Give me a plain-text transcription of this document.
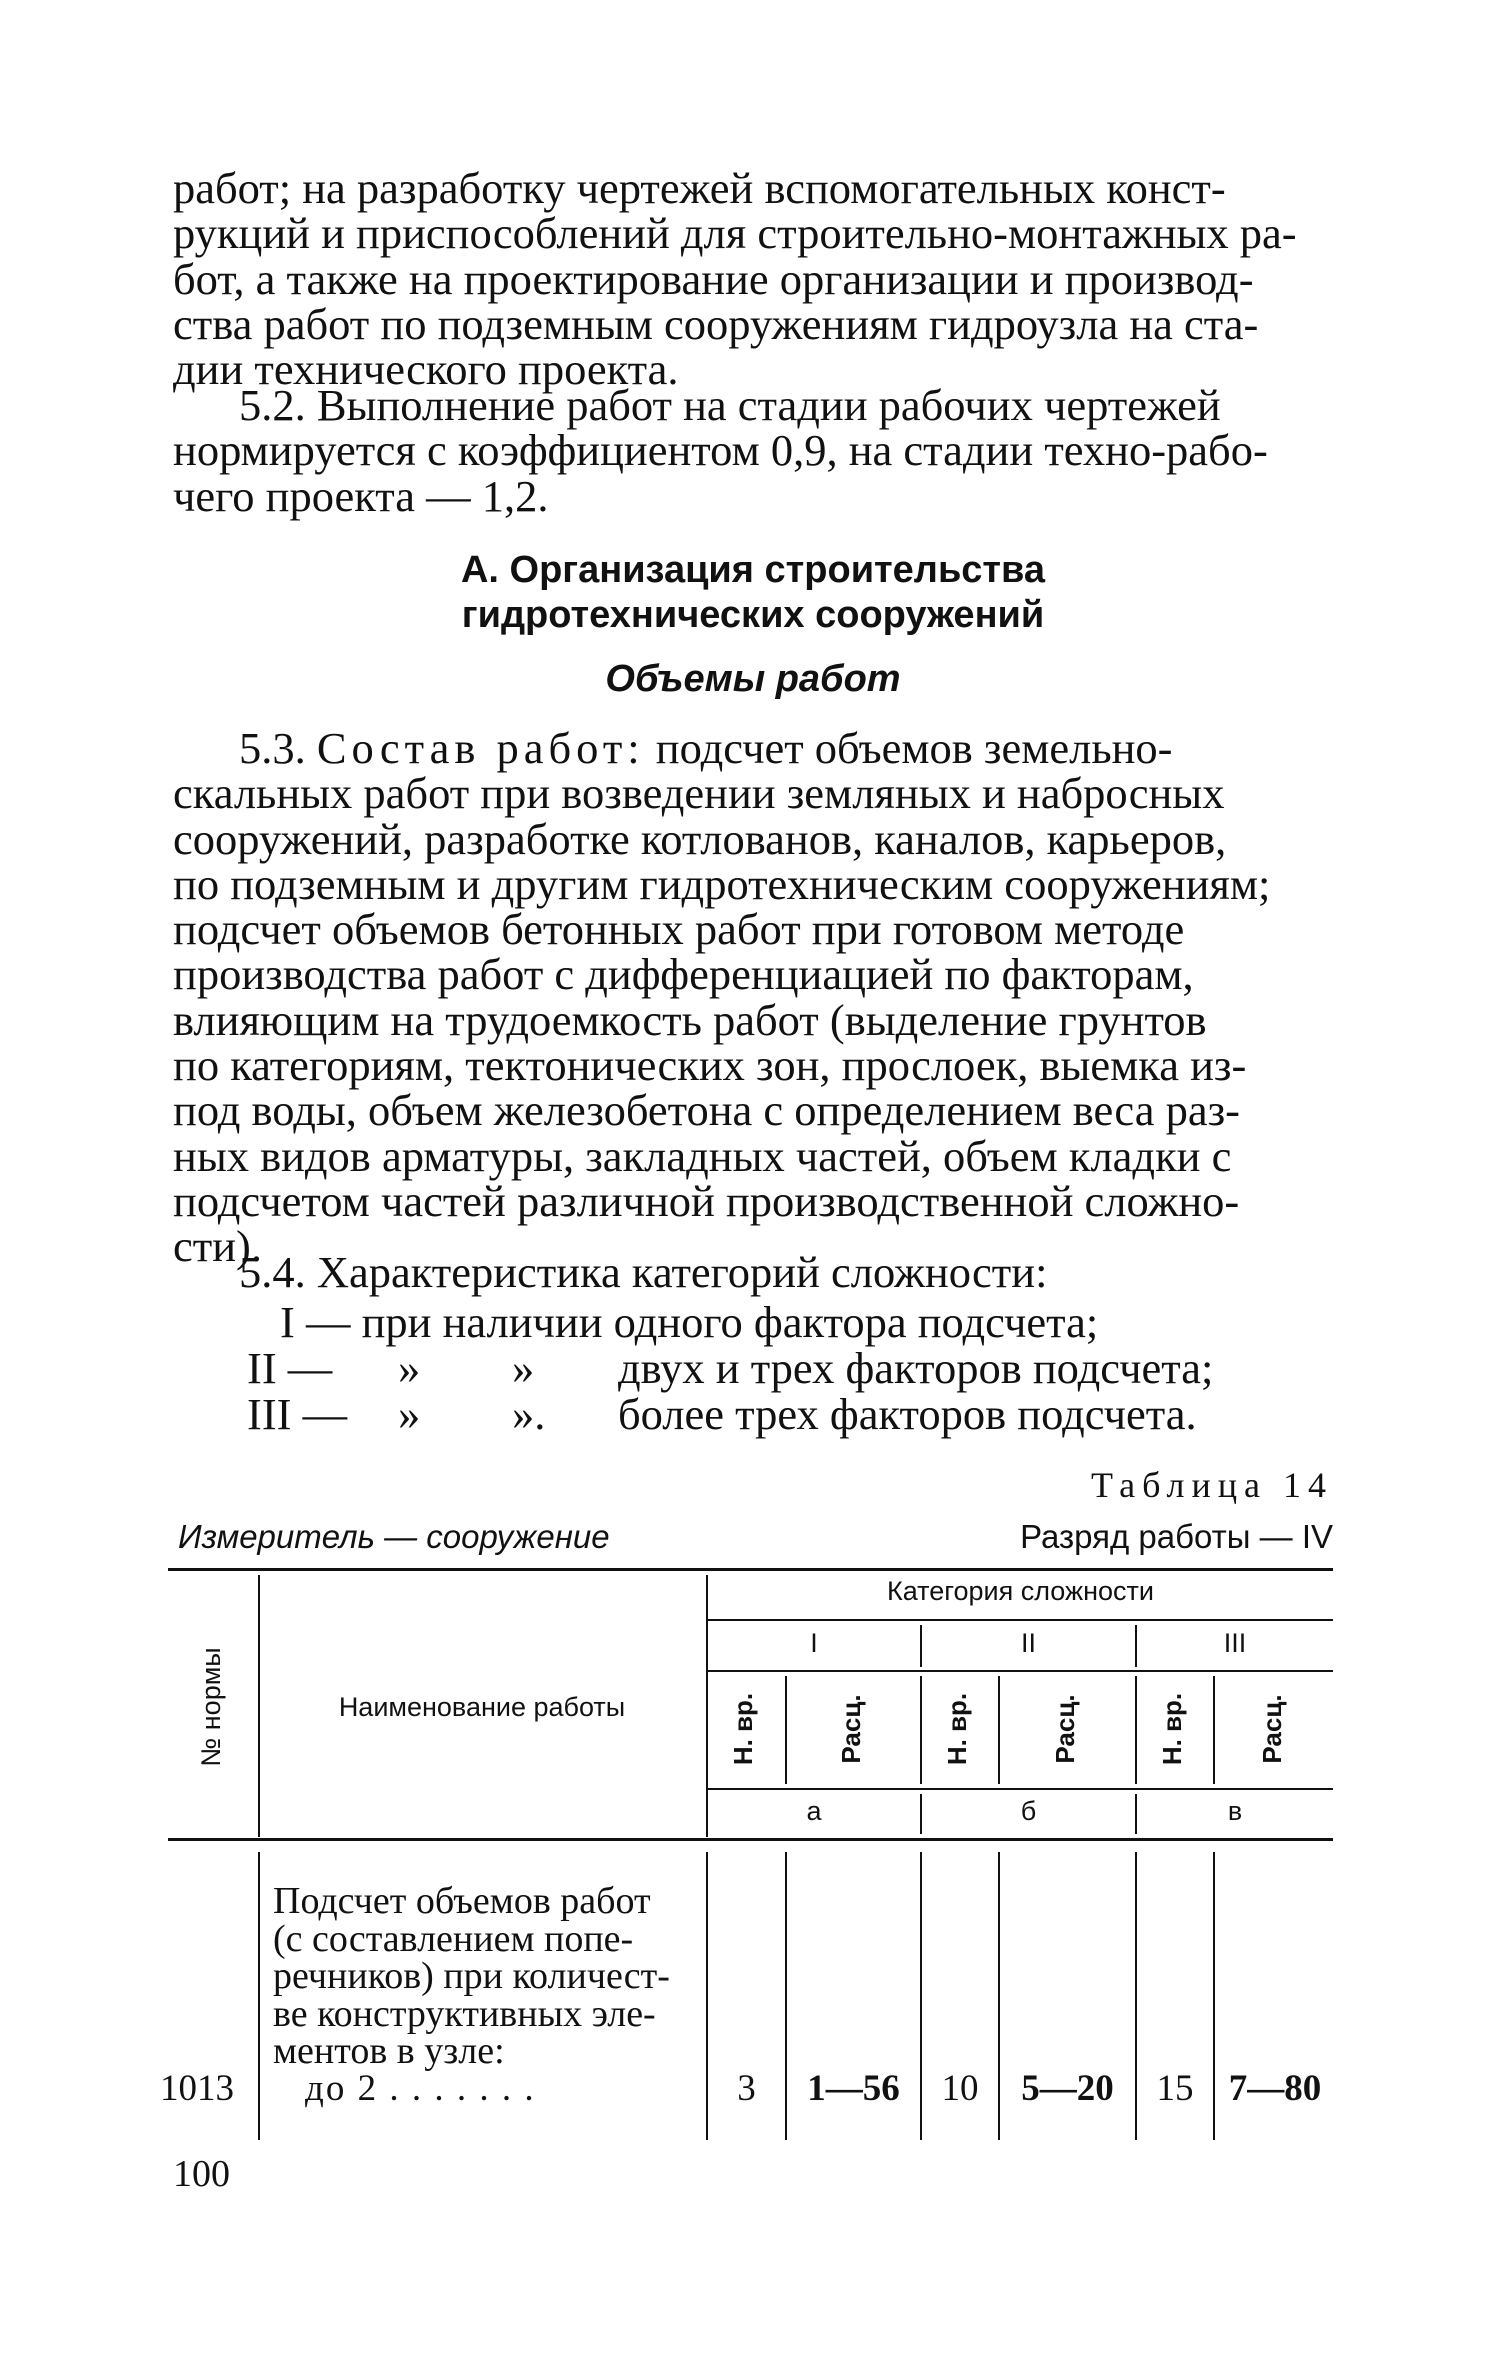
работ; на разработку чертежей вспомогательных конст-

рукций и приспособлений для строительно-монтажных ра-

бот, а также на проектирование организации и производ-

ства работ по подземным сооружениям гидроузла на ста-

дии технического проекта.

5.2. Выполнение работ на стадии рабочих чертежей

нормируется с коэффициентом 0,9, на стадии техно-рабо-

чего проекта — 1,2.

А. Организация строительства
гидротехнических сооружений
Объемы работ

5.3. Состав работ: подсчет объемов земельно-

скальных работ при возведении земляных и набросных

сооружений, разработке котлованов, каналов, карьеров,

по подземным и другим гидротехническим сооружениям;

подсчет объемов бетонных работ при готовом методе

производства работ с дифференциацией по факторам,

влияющим на трудоемкость работ (выделение грунтов

по категориям, тектонических зон, прослоек, выемка из-

под воды, объем железобетона с определением веса раз-

ных видов арматуры, закладных частей, объем кладки с

подсчетом частей различной производственной сложно-

сти).

5.4. Характеристика категорий сложности:

I — при наличии одного фактора подсчета;
II — » » двух и трех факторов подсчета;
III — » ». более трех факторов подсчета.
Таблица 14
Измеритель — сооружение	Разряд работы — IV
№ нормы	Наименование работы
Категория сложности
I	II	III
Н. вр.	Расц.	Н. вр.	Расц.	Н. вр.	Расц.
а	б	в
Подсчет объемов работ
(с составлением попе-
речников) при количест-
ве конструктивных эле-
ментов в узле:
1013 до 2 . . . . . . .	3	1—56	10	5—20	15 7—80
100
